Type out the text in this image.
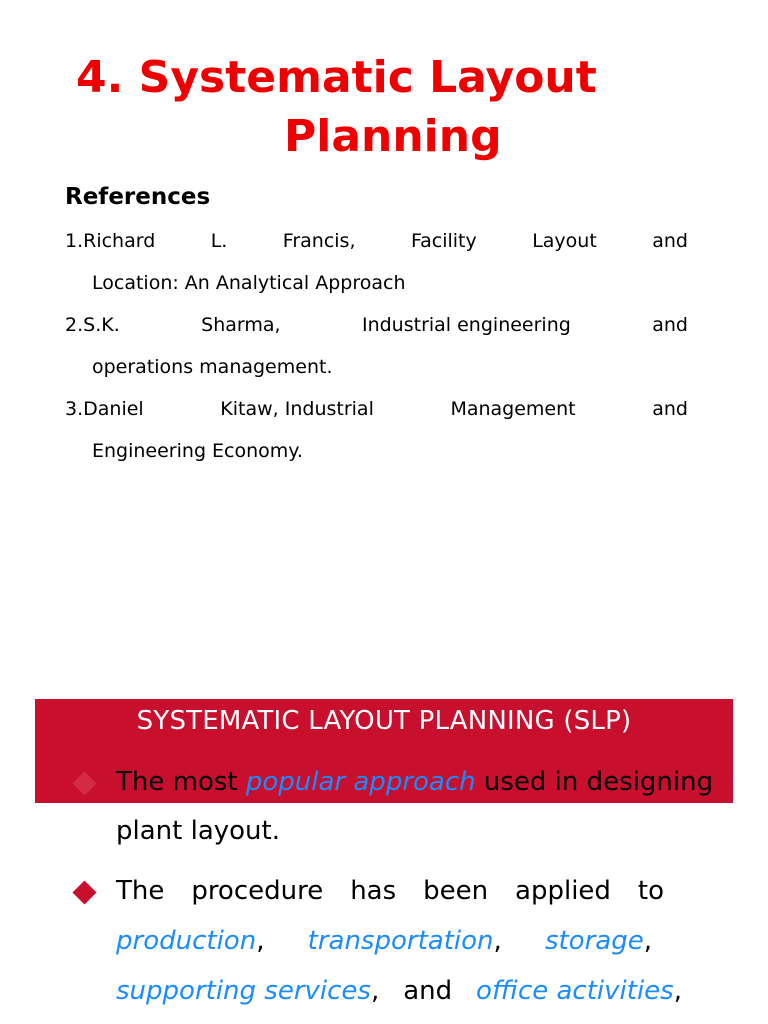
4. Systematic Layout
Planning
References
1.Richard	L.	Francis,	Facility	Layout	and
Location: An Analytical Approach
2.S.K.	Sharma,	Industrial engineering	and
operations management.
3.Daniel	Kitaw, Industrial	Management	and
Engineering Economy.
SYSTEMATIC LAYOUT PLANNING (SLP)
The most popular approach used in designing
plant layout.
The procedure has been applied to
production, transportation, storage,
supporting services, and office activities,
